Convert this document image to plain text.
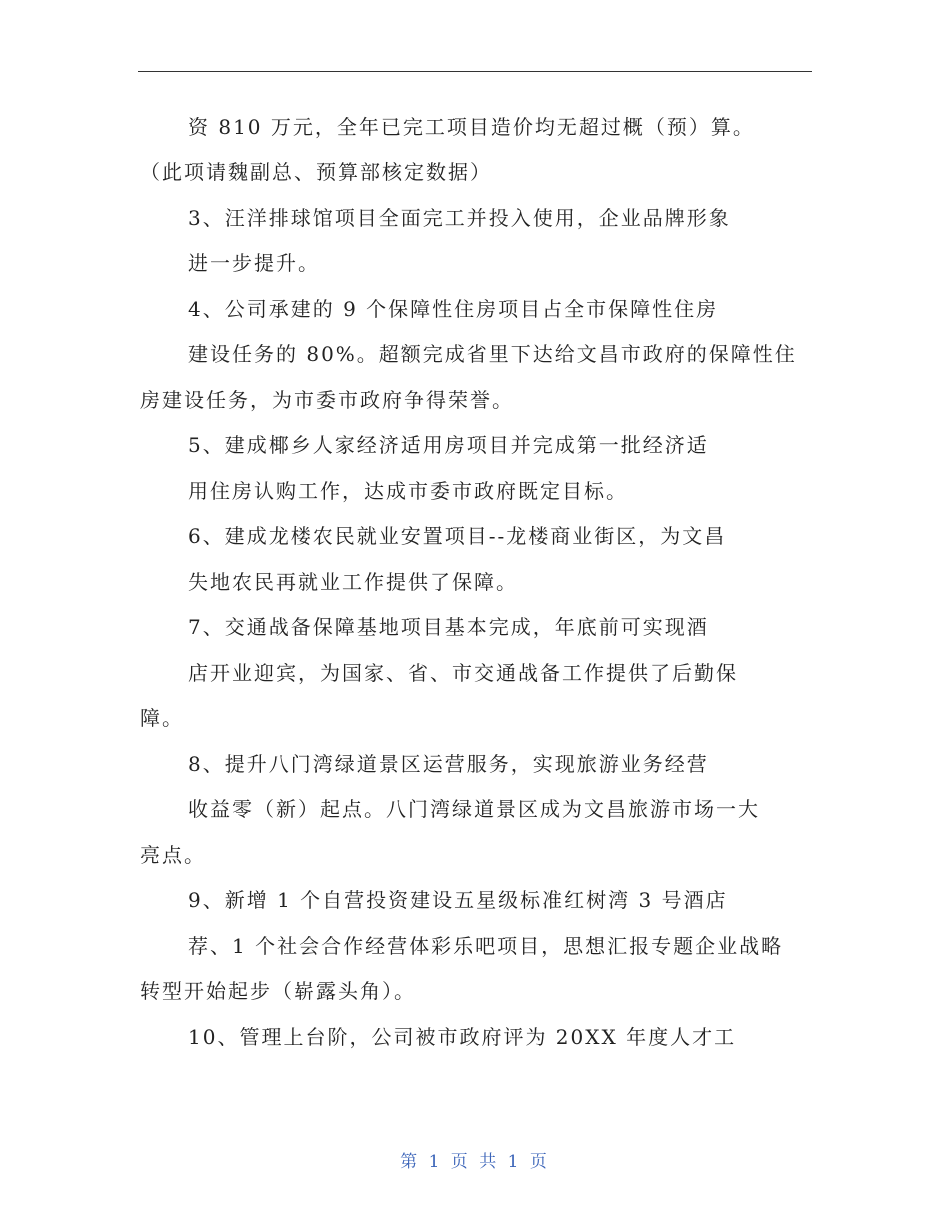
资 810 万元，全年已完工项目造价均无超过概（预）算。
（此项请魏副总、预算部核定数据）
3、汪洋排球馆项目全面完工并投入使用，企业品牌形象
进一步提升。
4、公司承建的 9 个保障性住房项目占全市保障性住房
建设任务的 80%。超额完成省里下达给文昌市政府的保障性住
房建设任务，为市委市政府争得荣誉。
5、建成椰乡人家经济适用房项目并完成第一批经济适
用住房认购工作，达成市委市政府既定目标。
6、建成龙楼农民就业安置项目--龙楼商业街区，为文昌
失地农民再就业工作提供了保障。
7、交通战备保障基地项目基本完成，年底前可实现酒
店开业迎宾，为国家、省、市交通战备工作提供了后勤保
障。
8、提升八门湾绿道景区运营服务，实现旅游业务经营
收益零（新）起点。八门湾绿道景区成为文昌旅游市场一大
亮点。
9、新增 1 个自营投资建设五星级标准红树湾 3 号酒店
荐、1 个社会合作经营体彩乐吧项目，思想汇报专题企业战略
转型开始起步（崭露头角）。
10、管理上台阶，公司被市政府评为 20XX 年度人才工
第 1 页 共 1 页
